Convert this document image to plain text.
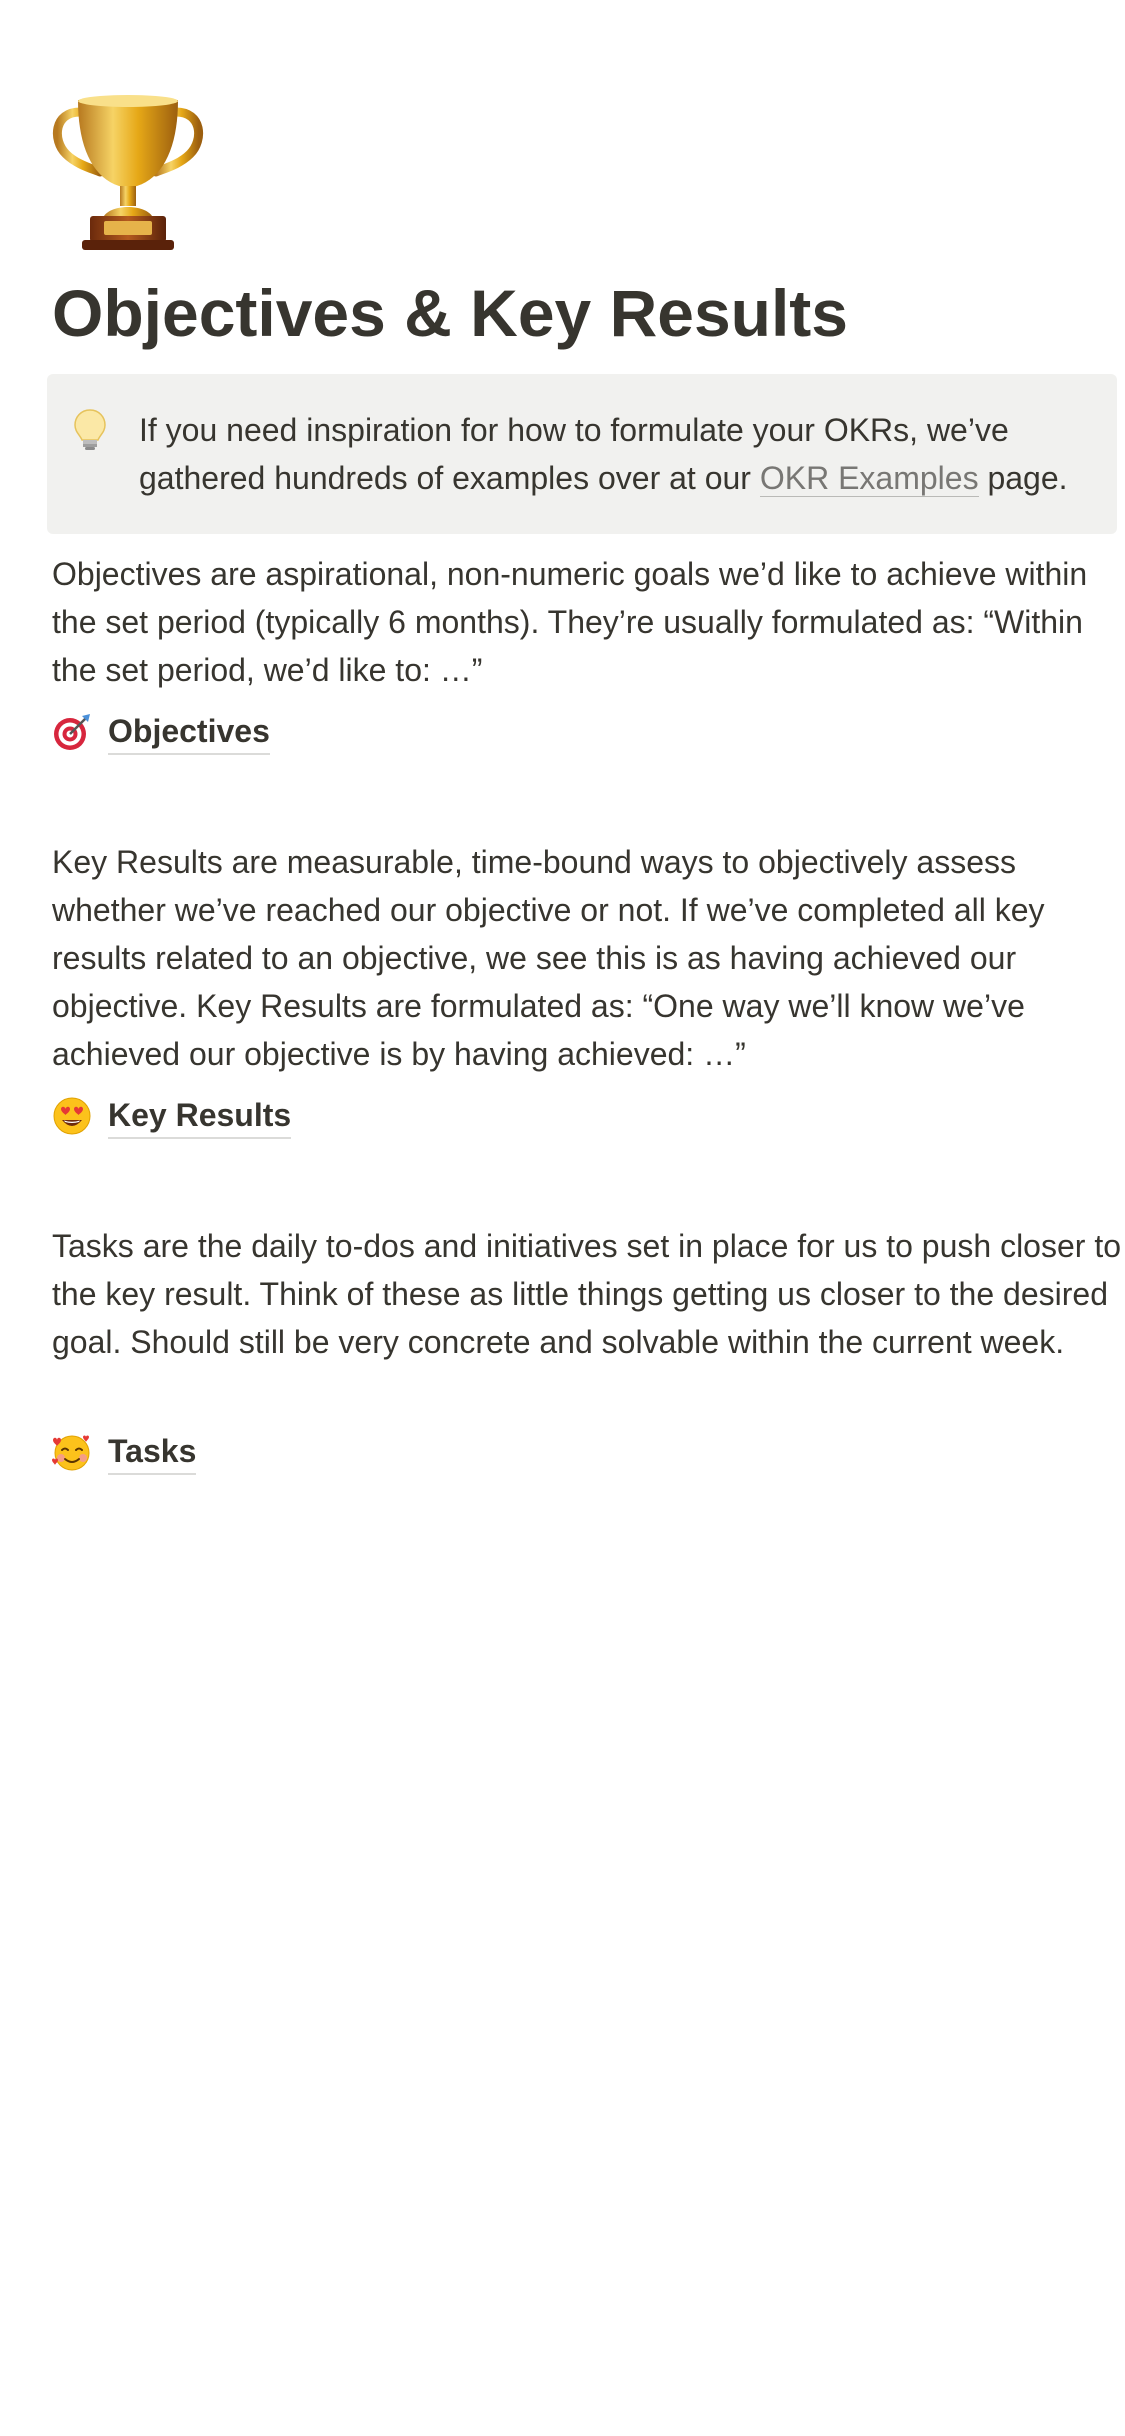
Objectives & Key Results
If you need inspiration for how to formulate your OKRs, we’ve gathered hundreds of examples over at our OKR Examples page.

Objectives are aspirational, non-numeric goals we’d like to achieve within the set period (typically 6 months). They’re usually formulated as: “Within the set period, we’d like to: …”

Objectives

Key Results are measurable, time-bound ways to objectively assess whether we’ve reached our objective or not. If we’ve completed all key results related to an objective, we see this is as having achieved our objective. Key Results are formulated as: “One way we’ll know we’ve achieved our objective is by having achieved: …”

Key Results

Tasks are the daily to-dos and initiatives set in place for us to push closer to the key result. Think of these as little things getting us closer to the desired goal. Should still be very concrete and solvable within the current week.

Tasks
